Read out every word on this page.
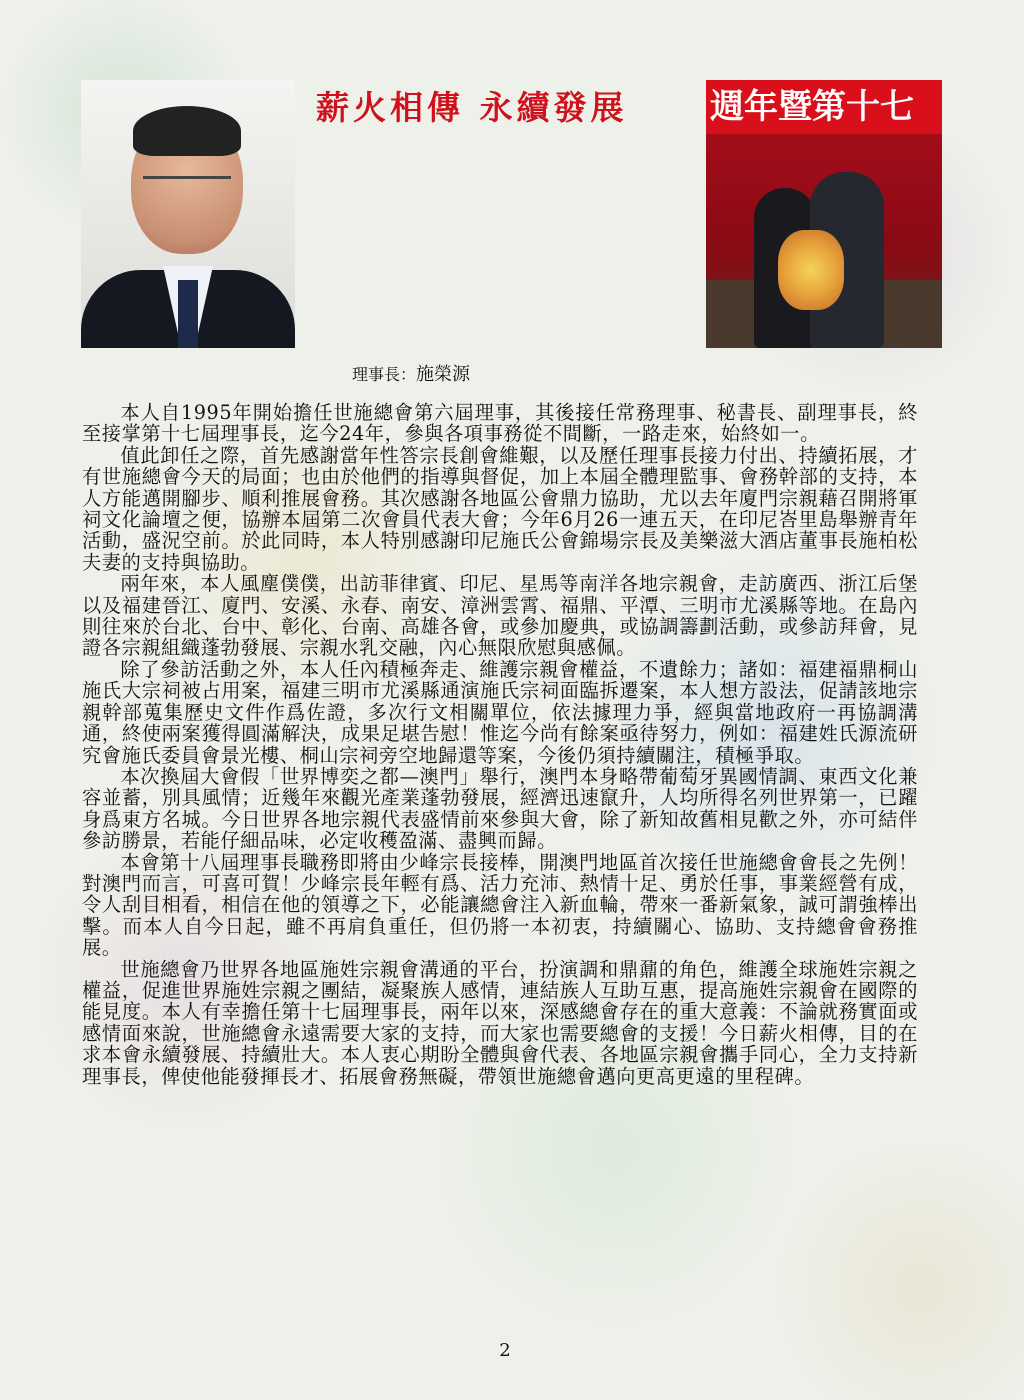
薪火相傳 永續發展	週年暨第十七
理事長：施榮源

本人自1995年開始擔任世施總會第六屆理事，其後接任常務理事、秘書長、副理事長，終至接掌第十七屆理事長，迄今24年，參與各項事務從不間斷，一路走來，始終如一。

值此卸任之際，首先感謝當年性答宗長創會維艱，以及歷任理事長接力付出、持續拓展，才有世施總會今天的局面；也由於他們的指導與督促，加上本屆全體理監事、會務幹部的支持，本人方能邁開腳步、順利推展會務。其次感謝各地區公會鼎力協助，尤以去年廈門宗親藉召開將軍祠文化論壇之便，協辦本屆第二次會員代表大會；今年6月26一連五天，在印尼峇里島舉辦青年活動，盛況空前。於此同時，本人特別感謝印尼施氏公會錦場宗長及美樂滋大酒店董事長施柏松夫妻的支持與協助。

兩年來，本人風塵僕僕，出訪菲律賓、印尼、星馬等南洋各地宗親會，走訪廣西、浙江后堡以及福建晉江、廈門、安溪、永春、南安、漳洲雲霄、福鼎、平潭、三明市尤溪縣等地。在島內則往來於台北、台中、彰化、台南、高雄各會，或參加慶典，或協調籌劃活動，或參訪拜會，見證各宗親組織蓬勃發展、宗親水乳交融，內心無限欣慰與感佩。

除了參訪活動之外，本人任內積極奔走、維護宗親會權益，不遺餘力；諸如：福建福鼎桐山施氏大宗祠被占用案，福建三明市尤溪縣通演施氏宗祠面臨拆遷案，本人想方設法，促請該地宗親幹部蒐集歷史文件作爲佐證，多次行文相關單位，依法據理力爭，經與當地政府一再協調溝通，終使兩案獲得圓滿解決，成果足堪告慰！惟迄今尚有餘案亟待努力，例如：福建姓氏源流研究會施氏委員會景光樓、桐山宗祠旁空地歸還等案，今後仍須持續關注，積極爭取。

本次換屆大會假「世界博奕之都—澳門」舉行，澳門本身略帶葡萄牙異國情調、東西文化兼容並蓄，別具風情；近幾年來觀光產業蓬勃發展，經濟迅速竄升，人均所得名列世界第一，已躍身爲東方名城。今日世界各地宗親代表盛情前來參與大會，除了新知故舊相見歡之外，亦可結伴參訪勝景，若能仔細品味，必定收穫盈滿、盡興而歸。

本會第十八屆理事長職務即將由少峰宗長接棒，開澳門地區首次接任世施總會會長之先例！對澳門而言，可喜可賀！少峰宗長年輕有爲、活力充沛、熱情十足、勇於任事，事業經營有成，令人刮目相看，相信在他的領導之下，必能讓總會注入新血輪，帶來一番新氣象，誠可謂強棒出擊。而本人自今日起，雖不再肩負重任，但仍將一本初衷，持續關心、協助、支持總會會務推展。

世施總會乃世界各地區施姓宗親會溝通的平台，扮演調和鼎鼐的角色，維護全球施姓宗親之權益，促進世界施姓宗親之團結，凝聚族人感情，連結族人互助互惠，提高施姓宗親會在國際的能見度。本人有幸擔任第十七屆理事長，兩年以來，深感總會存在的重大意義：不論就務實面或感情面來說，世施總會永遠需要大家的支持，而大家也需要總會的支援！今日薪火相傳，目的在求本會永續發展、持續壯大。本人衷心期盼全體與會代表、各地區宗親會攜手同心，全力支持新理事長，俾使他能發揮長才、拓展會務無礙，帶領世施總會邁向更高更遠的里程碑。

2
